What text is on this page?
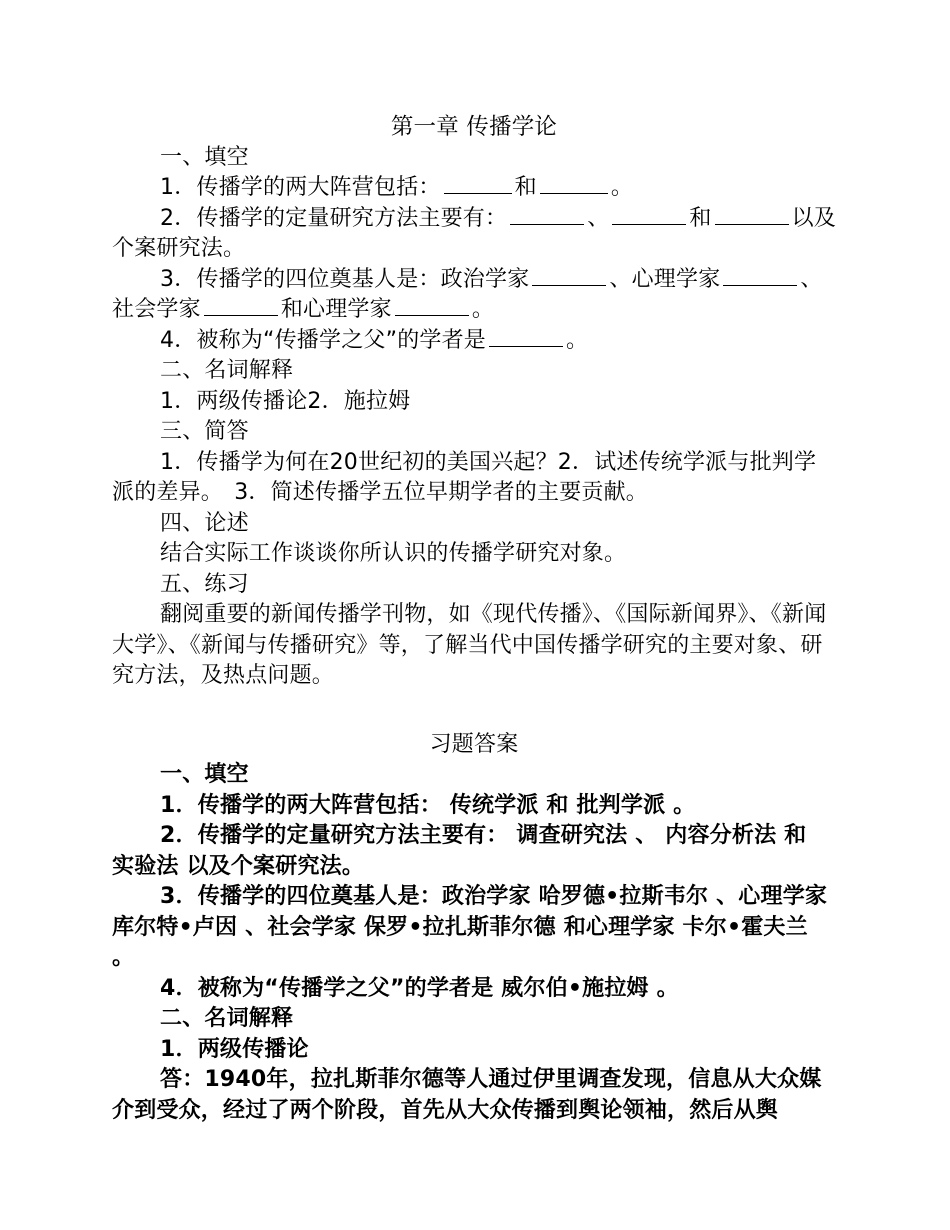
第一章 传播学论

一、填空

1．传播学的两大阵营包括：	和	。

2．传播学的定量研究方法主要有：	、	和	以及个案研究法。

3．传播学的四位奠基人是：政治学家	、心理学家	、社会学家	和心理学家	。

4．被称为“传播学之父”的学者是	。

二、名词解释

1．两级传播论2．施拉姆

三、简答

1．传播学为何在20世纪初的美国兴起？2．试述传统学派与批判学派的差异。　3．简述传播学五位早期学者的主要贡献。

四、论述

结合实际工作谈谈你所认识的传播学研究对象。

五、练习

翻阅重要的新闻传播学刊物，如《现代传播》、《国际新闻界》、《新闻大学》、《新闻与传播研究》等，了解当代中国传播学研究的主要对象、研究方法，及热点问题。

习题答案

一、填空

1．传播学的两大阵营包括： 传统学派 和 批判学派 。

2．传播学的定量研究方法主要有： 调查研究法 、 内容分析法 和 实验法 以及个案研究法。

3．传播学的四位奠基人是：政治学家 哈罗德•拉斯韦尔 、心理学家 库尔特•卢因 、社会学家 保罗•拉扎斯菲尔德 和心理学家 卡尔•霍夫兰 。

4．被称为“传播学之父”的学者是 威尔伯•施拉姆 。

二、名词解释

1．两级传播论

答：1940年，拉扎斯菲尔德等人通过伊里调查发现，信息从大众媒介到受众，经过了两个阶段，首先从大众传播到舆论领袖，然后从舆
